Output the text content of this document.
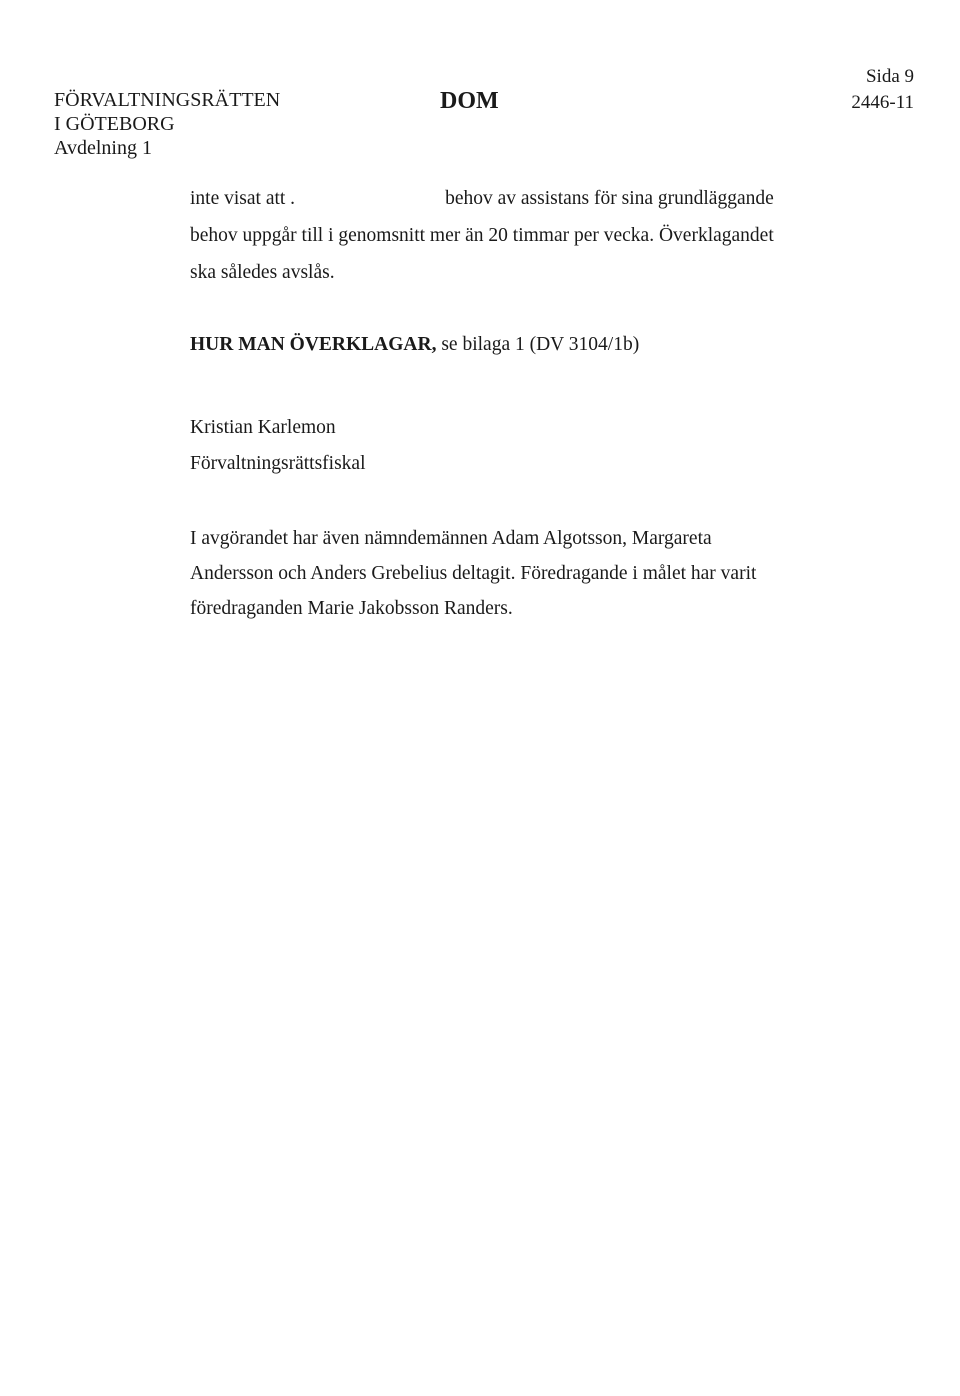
FÖRVALTNINGSRÄTTEN
I GÖTEBORG
Avdelning 1
DOM
Sida 9
2446-11
inte visat att .	behov av assistans för sina grundläggande
behov uppgår till i genomsnitt mer än 20 timmar per vecka. Överklagandet
ska således avslås.
HUR MAN ÖVERKLAGAR, se bilaga 1 (DV 3104/1b)
Kristian Karlemon
Förvaltningsrättsfiskal
I avgörandet har även nämndemännen Adam Algotsson, Margareta
Andersson och Anders Grebelius deltagit. Föredragande i målet har varit
föredraganden Marie Jakobsson Randers.
